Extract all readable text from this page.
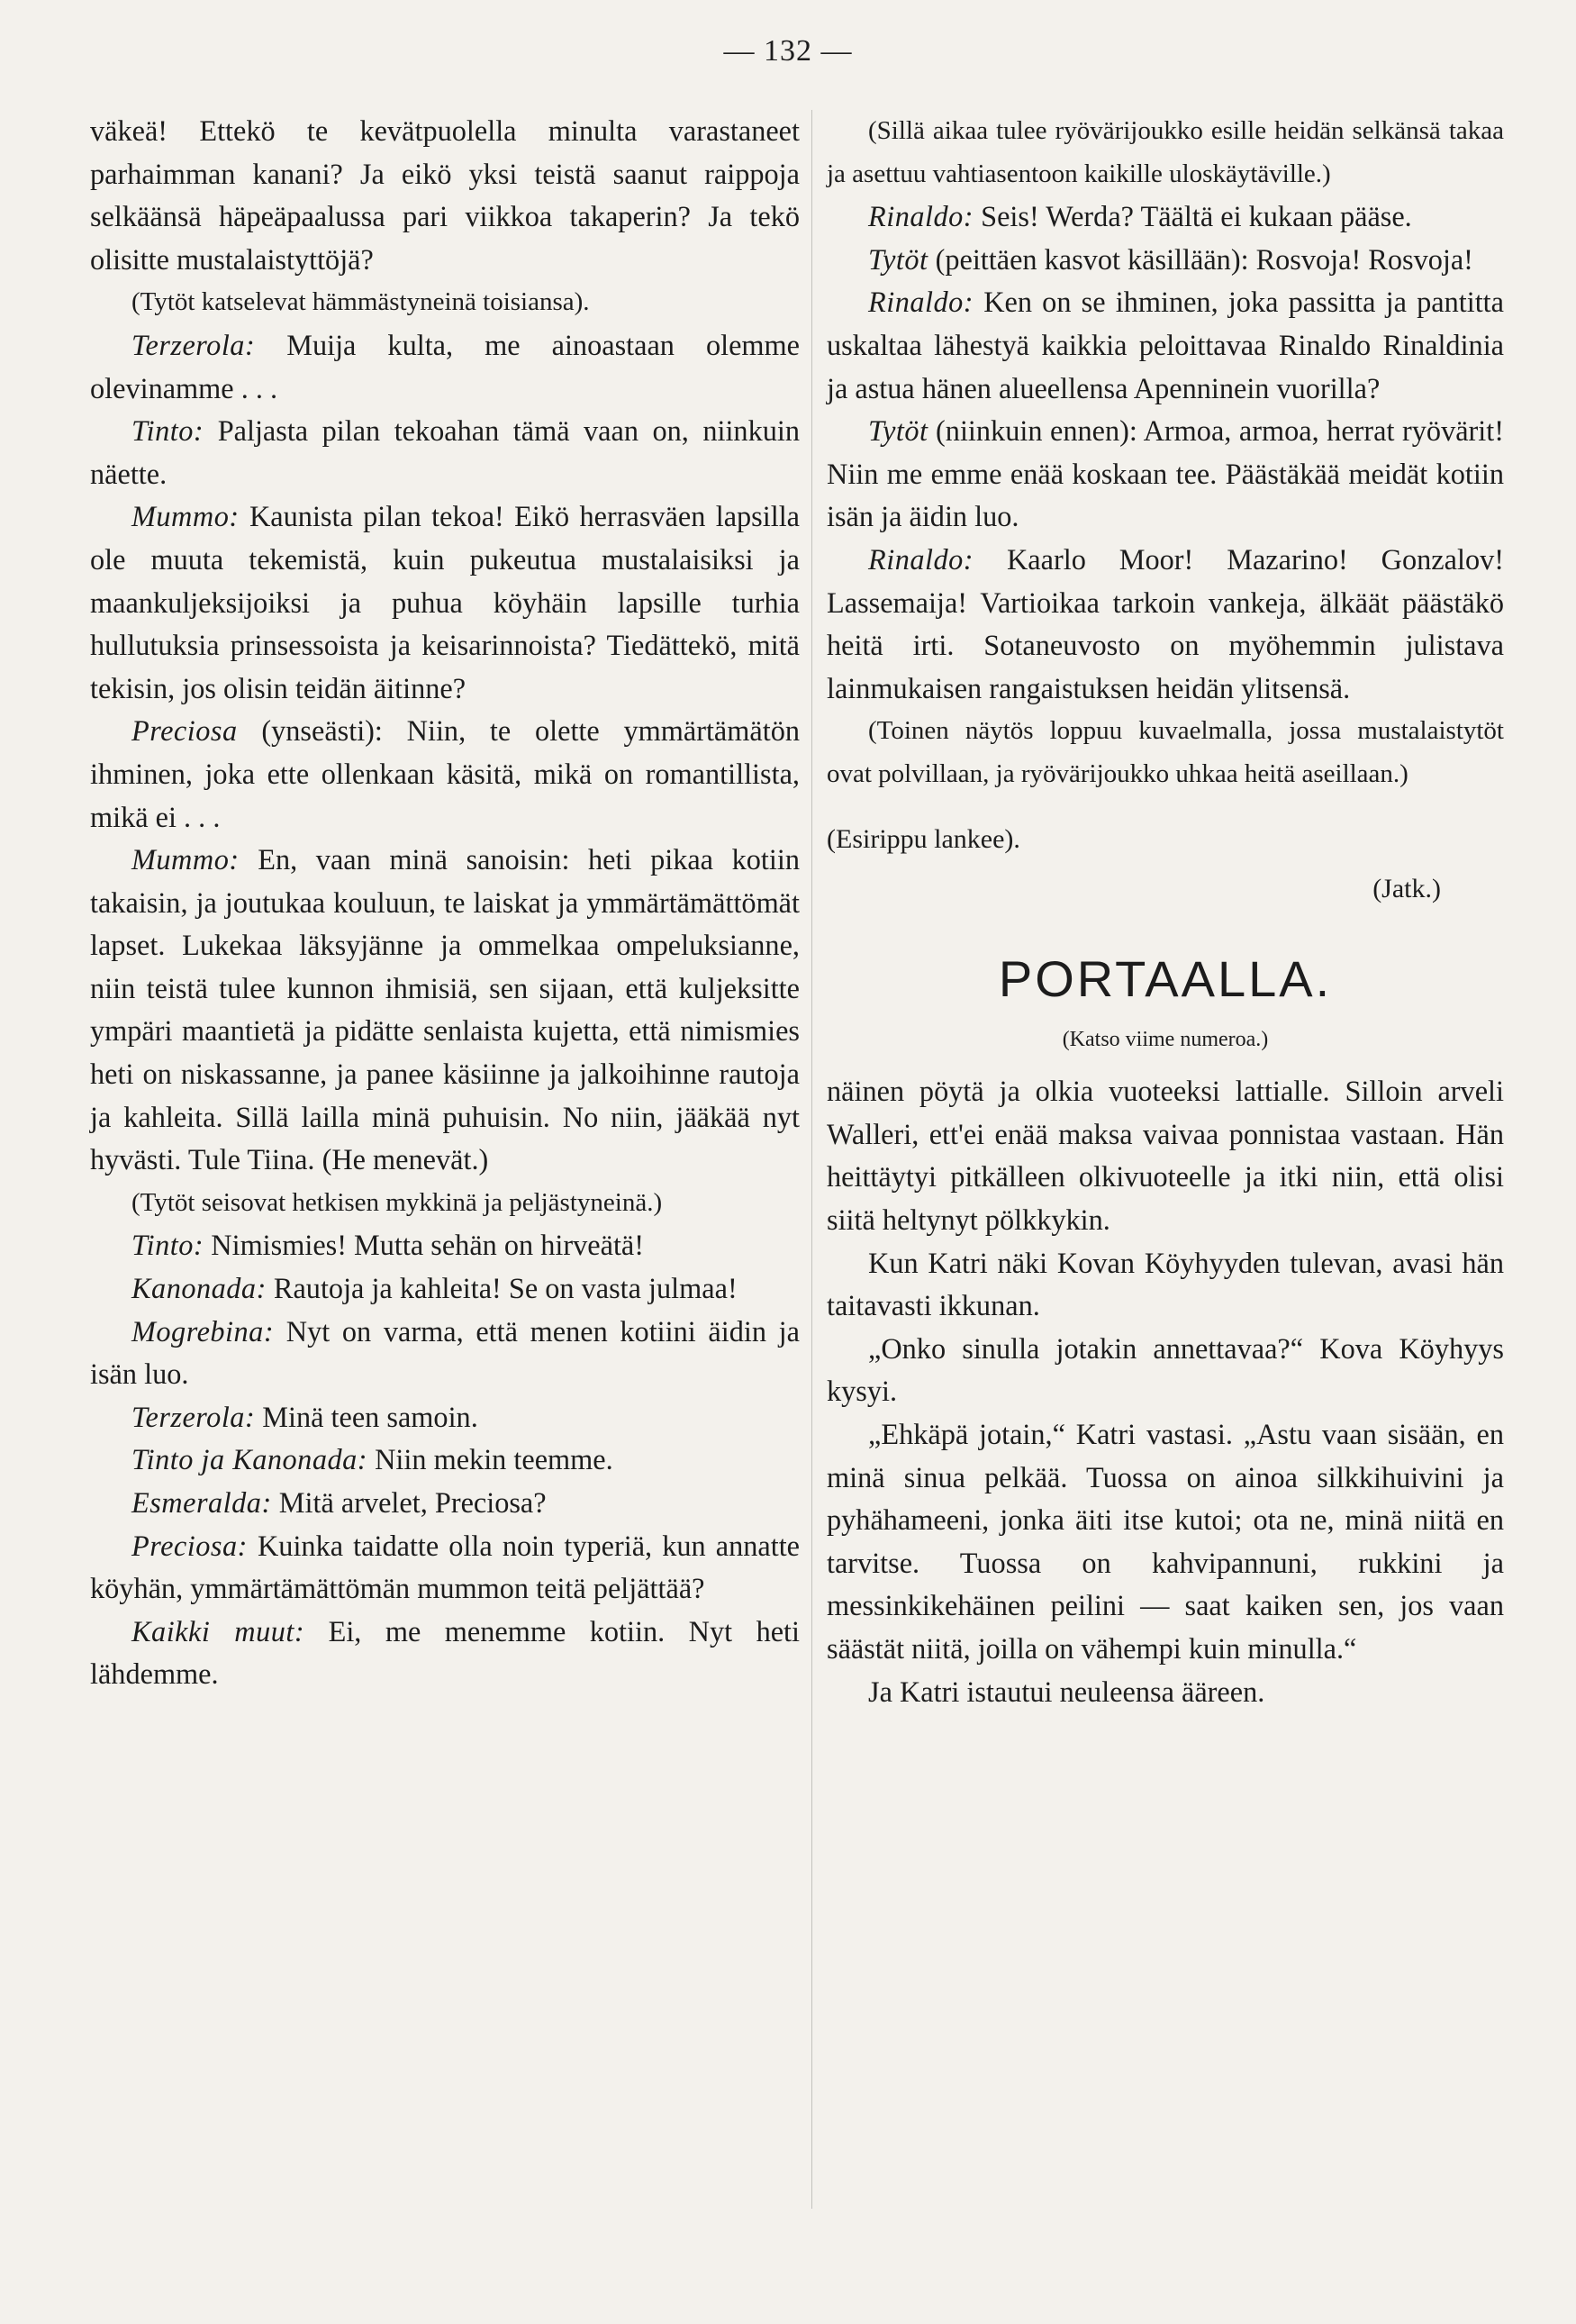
— 132 —

väkeä! Ettekö te kevätpuolella minulta varastaneet parhaimman kanani? Ja eikö yksi teistä saanut raippoja selkäänsä häpeäpaalussa pari viikkoa takaperin? Ja tekö olisitte mustalaistyttöjä?

(Tytöt katselevat hämmästyneinä toisiansa).

Terzerola: Muija kulta, me ainoastaan olemme olevinamme . . .

Tinto: Paljasta pilan tekoahan tämä vaan on, niinkuin näette.

Mummo: Kaunista pilan tekoa! Eikö herrasväen lapsilla ole muuta tekemistä, kuin pukeutua mustalaisiksi ja maankuljeksijoiksi ja puhua köyhäin lapsille turhia hullutuksia prinsessoista ja keisarinnoista? Tiedättekö, mitä tekisin, jos olisin teidän äitinne?

Preciosa (ynseästi): Niin, te olette ymmärtämätön ihminen, joka ette ollenkaan käsitä, mikä on romantillista, mikä ei . . .

Mummo: En, vaan minä sanoisin: heti pikaa kotiin takaisin, ja joutukaa kouluun, te laiskat ja ymmärtämättömät lapset. Lukekaa läksyjänne ja ommelkaa ompeluksianne, niin teistä tulee kunnon ihmisiä, sen sijaan, että kuljeksitte ympäri maantietä ja pidätte senlaista kujetta, että nimismies heti on niskassanne, ja panee käsiinne ja jalkoihinne rautoja ja kahleita. Sillä lailla minä puhuisin. No niin, jääkää nyt hyvästi. Tule Tiina. (He menevät.)

(Tytöt seisovat hetkisen mykkinä ja peljästyneinä.)

Tinto: Nimismies! Mutta sehän on hirveätä!

Kanonada: Rautoja ja kahleita! Se on vasta julmaa!

Mogrebina: Nyt on varma, että menen kotiini äidin ja isän luo.

Terzerola: Minä teen samoin.

Tinto ja Kanonada: Niin mekin teemme.

Esmeralda: Mitä arvelet, Preciosa?

Preciosa: Kuinka taidatte olla noin typeriä, kun annatte köyhän, ymmärtämättömän mummon teitä peljättää?

Kaikki muut: Ei, me menemme kotiin. Nyt heti lähdemme.

(Sillä aikaa tulee ryövärijoukko esille heidän selkänsä takaa ja asettuu vahtiasentoon kaikille uloskäytäville.)

Rinaldo: Seis! Werda? Täältä ei kukaan pääse.

Tytöt (peittäen kasvot käsillään): Rosvoja! Rosvoja!

Rinaldo: Ken on se ihminen, joka passitta ja pantitta uskaltaa lähestyä kaikkia peloittavaa Rinaldo Rinaldinia ja astua hänen alueellensa Apenninein vuorilla?

Tytöt (niinkuin ennen): Armoa, armoa, herrat ryövärit! Niin me emme enää koskaan tee. Päästäkää meidät kotiin isän ja äidin luo.

Rinaldo: Kaarlo Moor! Mazarino! Gonzalov! Lassemaija! Vartioikaa tarkoin vankeja, älkäät päästäkö heitä irti. Sotaneuvosto on myöhemmin julistava lainmukaisen rangaistuksen heidän ylitsensä.

(Toinen näytös loppuu kuvaelmalla, jossa mustalaistytöt ovat polvillaan, ja ryövärijoukko uhkaa heitä aseillaan.)

(Esirippu lankee).

(Jatk.)

PORTAALLA.

(Katso viime numeroa.)

näinen pöytä ja olkia vuoteeksi lattialle. Silloin arveli Walleri, ett'ei enää maksa vaivaa ponnistaa vastaan. Hän heittäytyi pitkälleen olkivuoteelle ja itki niin, että olisi siitä heltynyt pölkkykin.

Kun Katri näki Kovan Köyhyyden tulevan, avasi hän taitavasti ikkunan.

„Onko sinulla jotakin annettavaa?“ Kova Köyhyys kysyi.

„Ehkäpä jotain,“ Katri vastasi. „Astu vaan sisään, en minä sinua pelkää. Tuossa on ainoa silkkihuivini ja pyhähameeni, jonka äiti itse kutoi; ota ne, minä niitä en tarvitse. Tuossa on kahvipannuni, rukkini ja messinkikehäinen peilini — saat kaiken sen, jos vaan säästät niitä, joilla on vähempi kuin minulla.“

Ja Katri istautui neuleensa ääreen.
